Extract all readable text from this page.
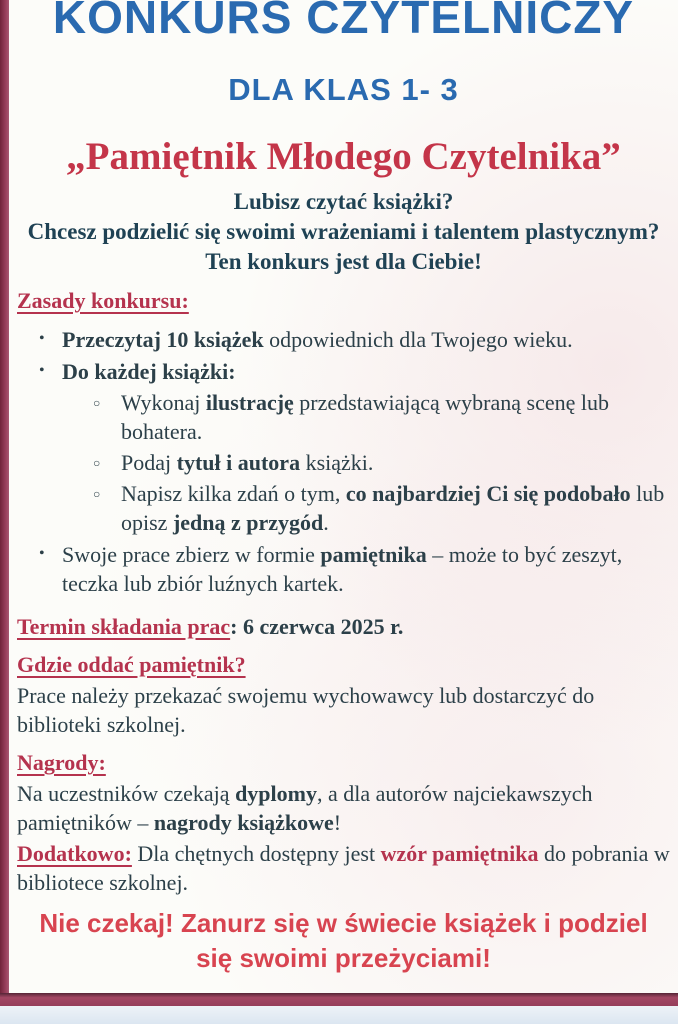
KONKURS CZYTELNICZY
DLA KLAS 1- 3
„Pamiętnik Młodego Czytelnika”
Lubisz czytać książki?
Chcesz podzielić się swoimi wrażeniami i talentem plastycznym?
Ten konkurs jest dla Ciebie!
Zasady konkursu:
• Przeczytaj 10 książek odpowiednich dla Twojego wieku.
• Do każdej książki:
○ Wykonaj ilustrację przedstawiającą wybraną scenę lub bohatera.
○ Podaj tytuł i autora książki.
○ Napisz kilka zdań o tym, co najbardziej Ci się podobało lub opisz jedną z przygód.
• Swoje prace zbierz w formie pamiętnika – może to być zeszyt, teczka lub zbiór luźnych kartek.
Termin składania prac: 6 czerwca 2025 r.
Gdzie oddać pamiętnik?

Prace należy przekazać swojemu wychowawcy lub dostarczyć do biblioteki szkolnej.

Nagrody:

Na uczestników czekają dyplomy, a dla autorów najciekawszych pamiętników – nagrody książkowe!

Dodatkowo: Dla chętnych dostępny jest wzór pamiętnika do pobrania w bibliotece szkolnej.

Nie czekaj! Zanurz się w świecie książek i podziel się swoimi przeżyciami!
